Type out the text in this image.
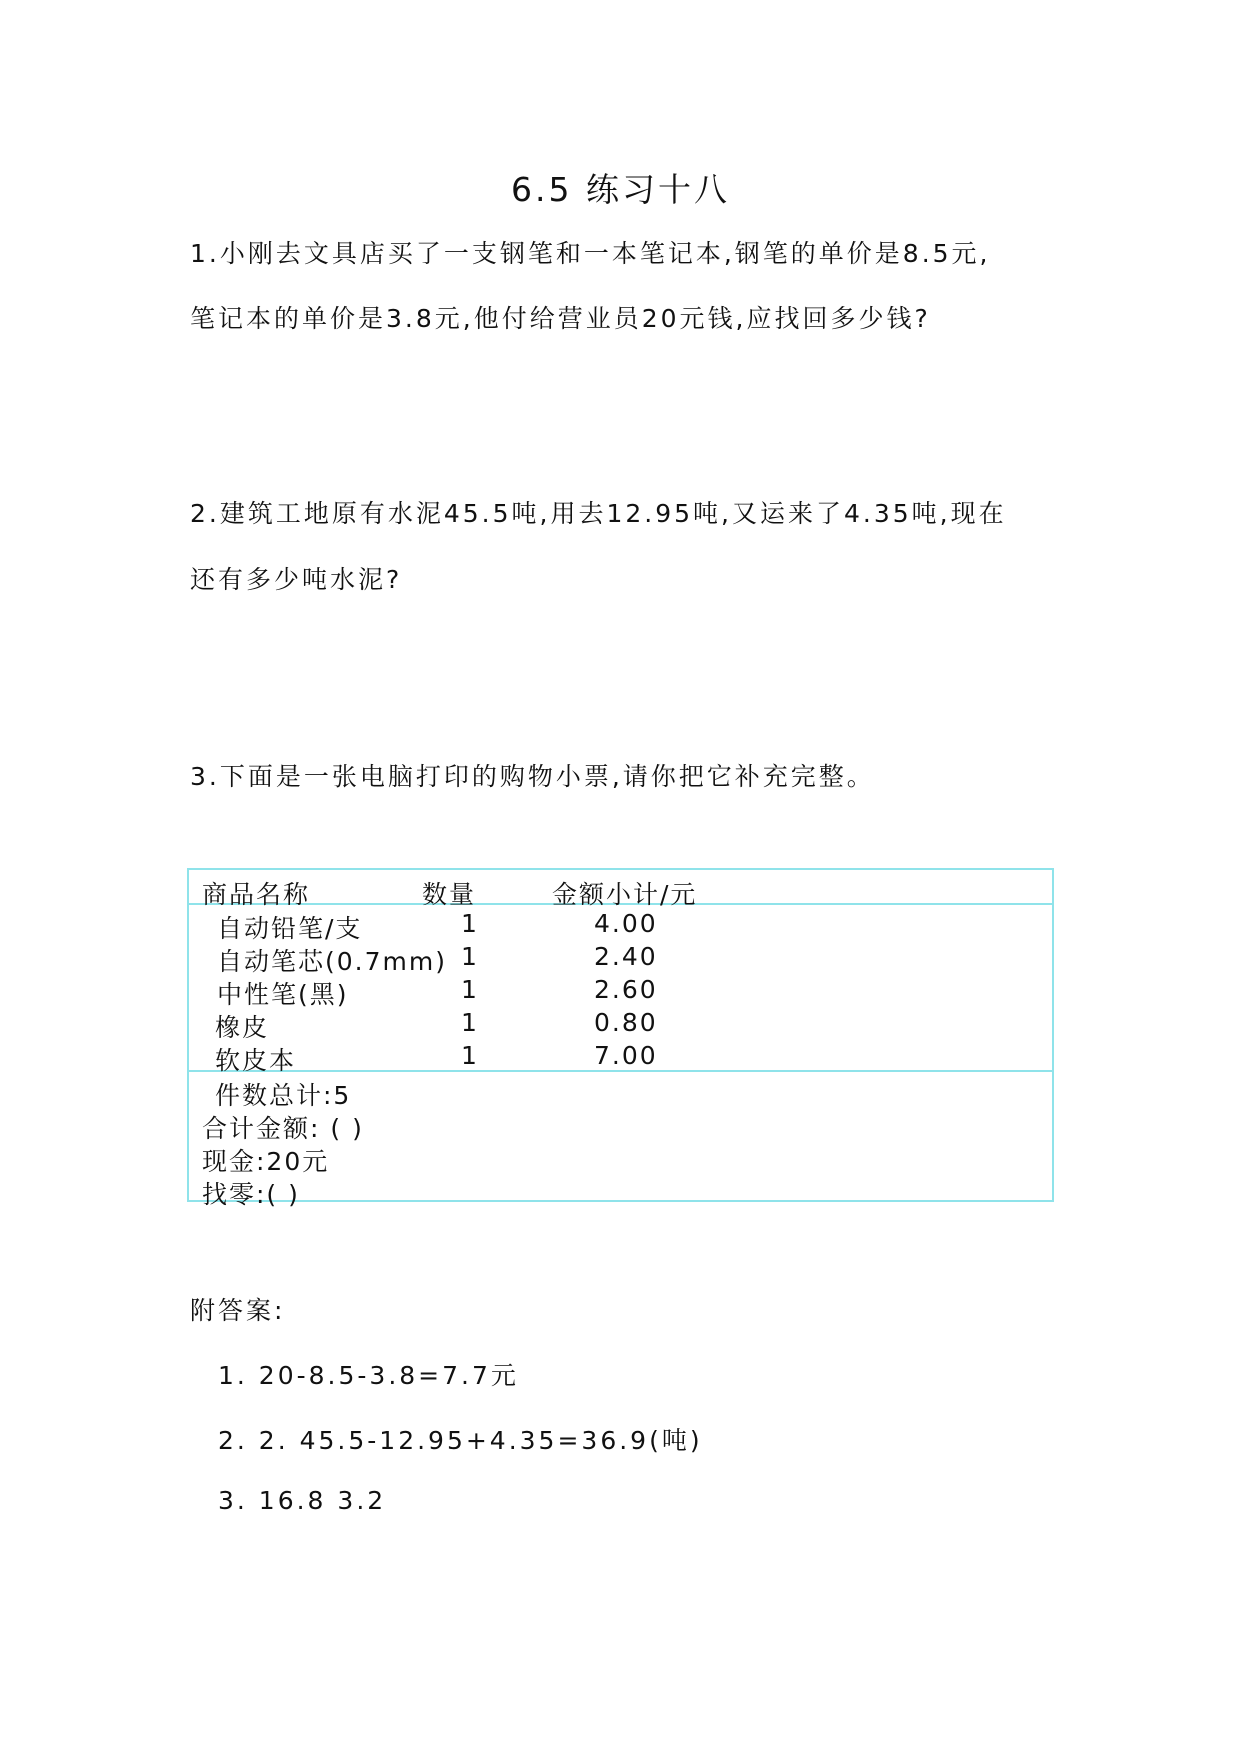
6.5 练习十八
1.小刚去文具店买了一支钢笔和一本笔记本,钢笔的单价是8.5元,
笔记本的单价是3.8元,他付给营业员20元钱,应找回多少钱?
2.建筑工地原有水泥45.5吨,用去12.95吨,又运来了4.35吨,现在
还有多少吨水泥?
3.下面是一张电脑打印的购物小票,请你把它补充完整。
商品名称	数量	金额小计/元
自动铅笔/支	1	4.00
自动笔芯(0.7mm) 1	2.40
中性笔(黑)	1	2.60
橡皮	1	0.80
软皮本	1	7.00
件数总计:5
合计金额: ( )
现金:20元
找零:( )
附答案:
1. 20-8.5-3.8=7.7元
2. 2. 45.5-12.95+4.35=36.9(吨)
3. 16.8 3.2
